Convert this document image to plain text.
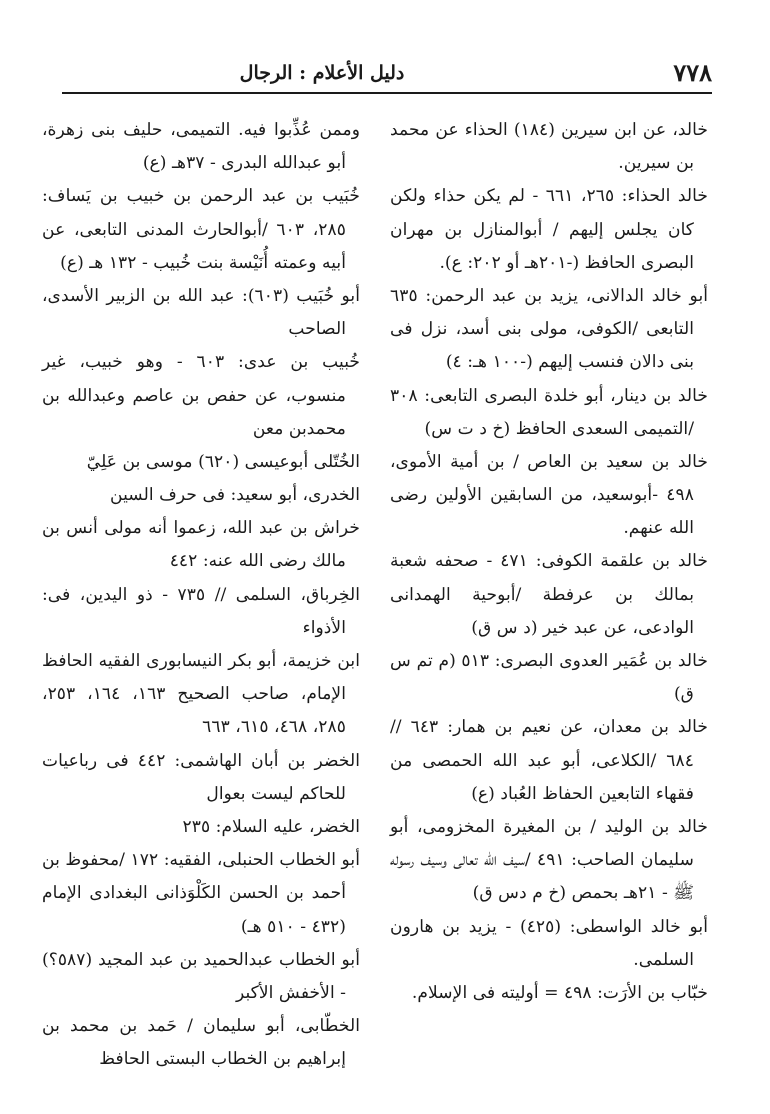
٧٧٨
دليل الأعلام : الرجال

خالد، عن ابن سيرين (١٨٤) الحذاء عن محمد بن سيرين.

خالد الحذاء: ٢٦٥، ٦٦١ - لم يكن حذاء ولكن كان يجلس إليهم / أبوالمنازل بن مهران البصرى الحافظ (-٢٠١هـ أو ٢٠٢: ع).

أبو خالد الدالانى، يزيد بن عبد الرحمن: ٦٣٥ التابعى /الكوفى، مولى بنى أسد، نزل فى بنى دالان فنسب إليهم (-١٠٠ هـ: ٤)

خالد بن دينار، أبو خلدة البصرى التابعى: ٣٠٨ /التميمى السعدى الحافظ (خ د ت س)

خالد بن سعيد بن العاص / بن أمية الأموى، ٤٩٨ -أبوسعيد، من السابقين الأولين رضى الله عنهم.

خالد بن علقمة الكوفى: ٤٧١ - صحفه شعبة بمالك بن عرفطة /أبوحية الهمدانى الوادعى، عن عبد خير (د س ق)

خالد بن عُمَير العدوى البصرى: ٥١٣ (م تم س ق)

خالد بن معدان، عن نعيم بن همار: ٦٤٣ // ٦٨٤ /الكلاعى، أبو عبد الله الحمصى من فقهاء التابعين الحفاظ العُباد (ع)

خالد بن الوليد / بن المغيرة المخزومى، أبو سليمان الصاحب: ٤٩١ /سيف الله تعالى وسيف رسوله ﷺ - ٢١هـ بحمص (خ م دس ق)

أبو خالد الواسطى: (٤٢٥) - يزيد بن هارون السلمى.

خبّاب بن الأرَت: ٤٩٨ = أوليته فى الإسلام.

وممن عُذِّبوا فيه. التميمى، حليف بنى زهرة، أبو عبدالله البدرى - ٣٧هـ (ع)

خُبَيب بن عبد الرحمن بن خبيب بن يَساف: ٢٨٥، ٦٠٣ /أبوالحارث المدنى التابعى، عن أبيه وعمته أُنَيْسة بنت خُبيب - ١٣٢ هـ (ع)

أبو خُبَيب (٦٠٣): عبد الله بن الزبير الأسدى، الصاحب

خُبيب بن عدى: ٦٠٣ - وهو خبيب، غير منسوب، عن حفص بن عاصم وعبدالله بن محمدبن معن

الخُتّلى أبوعيسى (٦٢٠) موسى بن عَلِيّ

الخدرى، أبو سعيد: فى حرف السين

خراش بن عبد الله، زعموا أنه مولى أنس بن مالك رضى الله عنه: ٤٤٢

الخِرباق، السلمى // ٧٣٥ - ذو اليدين، فى: الأذواء

ابن خزيمة، أبو بكر النيسابورى الفقيه الحافظ الإمام، صاحب الصحيح ١٦٣، ١٦٤، ٢٥٣، ٢٨٥، ٤٦٨، ٦١٥، ٦٦٣

الخضر بن أبان الهاشمى: ٤٤٢ فى رباعيات للحاكم ليست بعوال

الخضر، عليه السلام: ٢٣٥

أبو الخطاب الحنبلى، الفقيه: ١٧٢ /محفوظ بن أحمد بن الحسن الكَلْوَذانى البغدادى الإمام (٤٣٢ - ٥١٠ هـ)

أبو الخطاب عبدالحميد بن عبد المجيد (٥٨٧؟) - الأخفش الأكبر

الخطّابى، أبو سليمان / حَمد بن محمد بن إبراهيم بن الخطاب البستى الحافظ
